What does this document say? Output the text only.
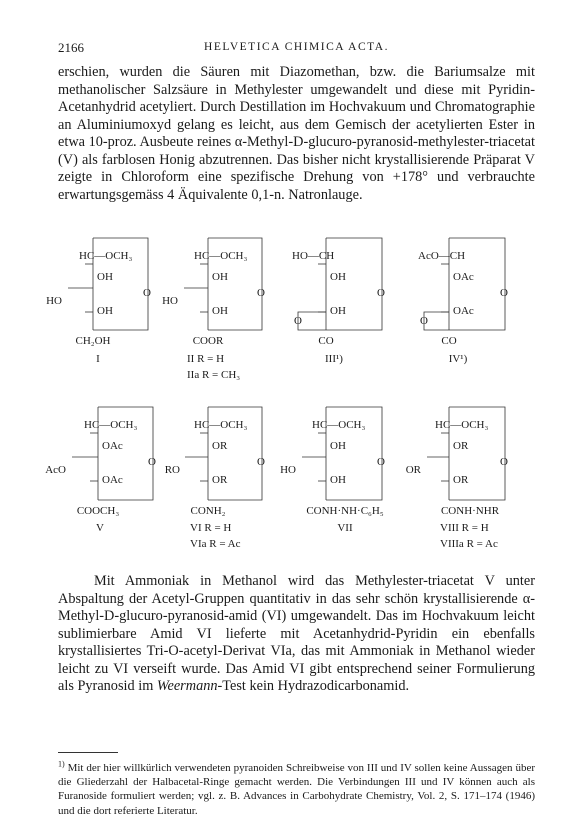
2166	HELVETICA CHIMICA ACTA.

erschien, wurden die Säuren mit Diazomethan, bzw. die Bariumsalze mit methanolischer Salzsäure in Methylester umgewandelt und diese mit Pyridin-Acetanhydrid acetyliert. Durch Destillation im Hochvakuum und Chromatographie an Aluminiumoxyd gelang es leicht, aus dem Gemisch der acetylierten Ester in etwa 10-proz. Ausbeute reines α-Methyl-D-glucuro-pyranosid-methylester-triacetat (V) als farblosen Honig abzutrennen. Das bisher nicht krystallisierende Präparat V zeigte in Chloroform eine spezifische Drehung von +178° und verbrauchte erwartungsgemäss 4 Äquivalente 0,1-n. Natronlauge.

HC—OCH₃
OH
O
HO
OH
CH₂OH
I
HC—OCH₃
OH
O
HO
OH
COOR
II R = H
IIa R = CH₃
HO—CH
OH
O
OH
O
CO
III¹)
AcO—CH
OAc
O
OAc
O
CO
IV¹)
HC—OCH₃
OAc
O
AcO
OAc
COOCH₃
V
HC—OCH₃
OR
O
RO
OR
CONH₂
VI R = H
VIa R = Ac
HC—OCH₃
OH
O
HO
OH
CONH·NH·C₆H₅
VII
HC—OCH₃
OR
O
OR
OR
CONH·NHR
VIII R = H
VIIIa R = Ac
Mit Ammoniak in Methanol wird das Methylester-triacetat V unter Abspaltung der Acetyl-Gruppen quantitativ in das sehr schön krystallisierende α-Methyl-D-glucuro-pyranosid-amid (VI) umgewandelt. Das im Hochvakuum leicht sublimierbare Amid VI lieferte mit Acetanhydrid-Pyridin ein ebenfalls krystallisiertes Tri-O-acetyl-Derivat VIa, das mit Ammoniak in Methanol wieder leicht zu VI verseift wurde. Das Amid VI gibt entsprechend seiner Formulierung als Pyranosid im Weermann-Test kein Hydrazodicarbonamid.
$^{1)}$ Mit der hier willkürlich verwendeten pyranoiden Schreibweise von III und IV sollen keine Aussagen über die Gliederzahl der Halbacetal-Ringe gemacht werden. Die Verbindungen III und IV können auch als Furanoside formuliert werden; vgl. z. B. Advances in Carbohydrate Chemistry, Vol. 2, S. 171–174 (1946) und die dort referierte Literatur.
